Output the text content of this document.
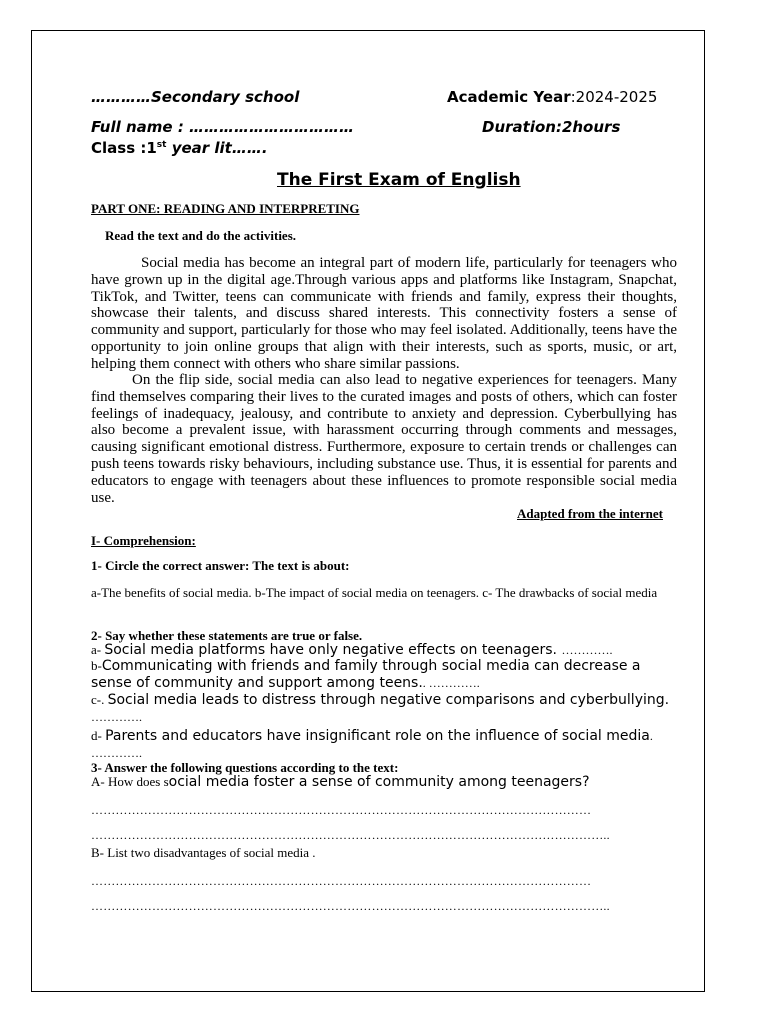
…………Secondary school	Academic Year:2024-2025
Full name : ……………………………	Duration:2hours
Class :1st year lit…….
The First Exam of English
PART ONE: READING AND INTERPRETING
Read the text and do the activities.
Social media has become an integral part of modern life, particularly for teenagers who have grown up in the digital age.Through various apps and platforms like Instagram, Snapchat, TikTok, and Twitter, teens can communicate with friends and family, express their thoughts, showcase their talents, and discuss shared interests. This connectivity fosters a sense of community and support, particularly for those who may feel isolated. Additionally, teens have the opportunity to join online groups that align with their interests, such as sports, music, or art, helping them connect with others who share similar passions.
On the flip side, social media can also lead to negative experiences for teenagers. Many find themselves comparing their lives to the curated images and posts of others, which can foster feelings of inadequacy, jealousy, and contribute to anxiety and depression. Cyberbullying has also become a prevalent issue, with harassment occurring through comments and messages, causing significant emotional distress. Furthermore, exposure to certain trends or challenges can push teens towards risky behaviours, including substance use. Thus, it is essential for parents and educators to engage with teenagers about these influences to promote responsible social media use.
Adapted from the internet
I- Comprehension:
1- Circle the correct answer: The text is about:
a-The benefits of social media. b-The impact of social media on teenagers. c- The drawbacks of social media
2- Say whether these statements are true or false.
a- Social media platforms have only negative effects on teenagers. ………….
b-Communicating with friends and family through social media can decrease a sense of community and support among teens.. ………….
c-. Social media leads to distress through negative comparisons and cyberbullying. ………….
d- Parents and educators have insignificant role on the influence of social media. ………….
3- Answer the following questions according to the text:
A- How does social media foster a sense of community among teenagers?
……………………………………………………………………………………………………………
………………………………………………………………………………………………………………..
B- List two disadvantages of social media .
……………………………………………………………………………………………………………
………………………………………………………………………………………………………………..
